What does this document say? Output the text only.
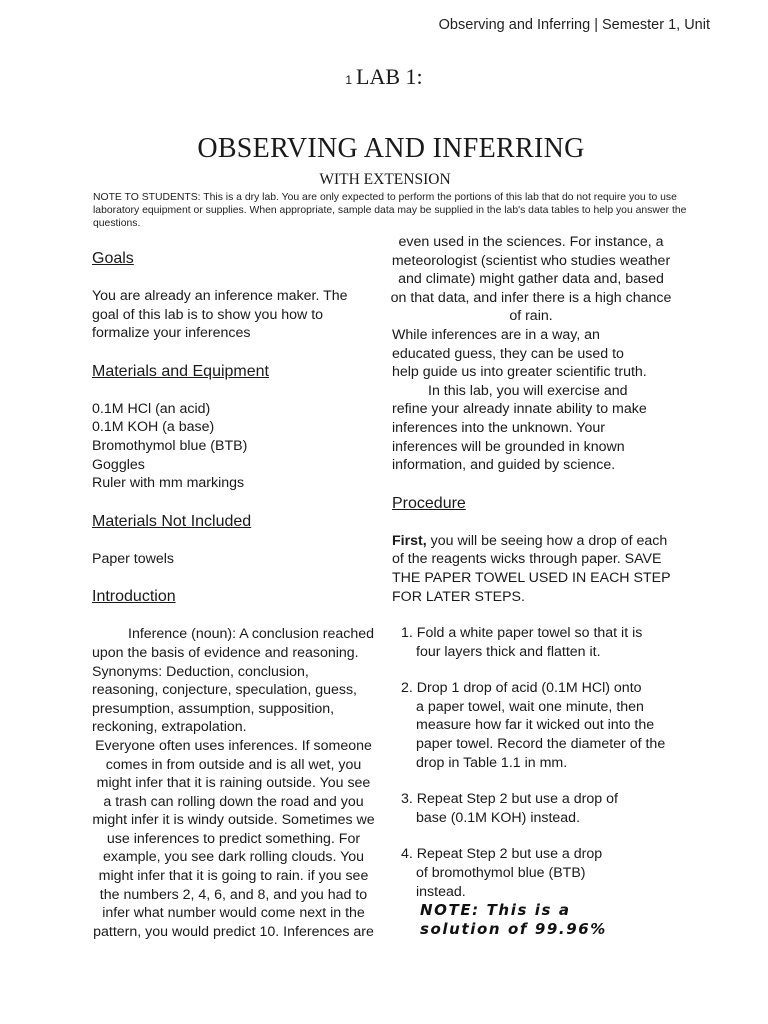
Observing and Inferring | Semester 1, Unit
1 LAB 1:
OBSERVING AND INFERRING
WITH EXTENSION
NOTE TO STUDENTS: This is a dry lab. You are only expected to perform the portions of this lab that do not require you to use laboratory equipment or supplies. When appropriate, sample data may be supplied in the lab's data tables to help you answer the questions.
Goals

You are already an inference maker. The goal of this lab is to show you how to formalize your inferences

Materials and Equipment

0.1M HCl (an acid)

0.1M KOH (a base)

Bromothymol blue (BTB)

Goggles

Ruler with mm markings

Materials Not Included

Paper towels

Introduction

Inference (noun): A conclusion reached upon the basis of evidence and reasoning. Synonyms: Deduction, conclusion, reasoning, conjecture, speculation, guess, presumption, assumption, supposition, reckoning, extrapolation.

Everyone often uses inferences. If someone comes in from outside and is all wet, you might infer that it is raining outside. You see a trash can rolling down the road and you might infer it is windy outside. Sometimes we use inferences to predict something. For example, you see dark rolling clouds. You might infer that it is going to rain. if you see the numbers 2, 4, 6, and 8, and you had to infer what number would come next in the pattern, you would predict 10. Inferences are

even used in the sciences. For instance, a meteorologist (scientist who studies weather and climate) might gather data and, based on that data, and infer there is a high chance of rain.

While inferences are in a way, an educated guess, they can be used to help guide us into greater scientific truth.

In this lab, you will exercise and refine your already innate ability to make inferences into the unknown. Your inferences will be grounded in known information, and guided by science.

Procedure

First, you will be seeing how a drop of each of the reagents wicks through paper. SAVE THE PAPER TOWEL USED IN EACH STEP FOR LATER STEPS.

1. Fold a white paper towel so that it is
four layers thick and flatten it.
2. Drop 1 drop of acid (0.1M HCl) onto
a paper towel, wait one minute, then measure how far it wicked out into the paper towel. Record the diameter of the drop in Table 1.1 in mm.
3. Repeat Step 2 but use a drop of
base (0.1M KOH) instead.
4. Repeat Step 2 but use a drop
of bromothymol blue (BTB) instead.
NOTE: This is a
solution of 99.96%
